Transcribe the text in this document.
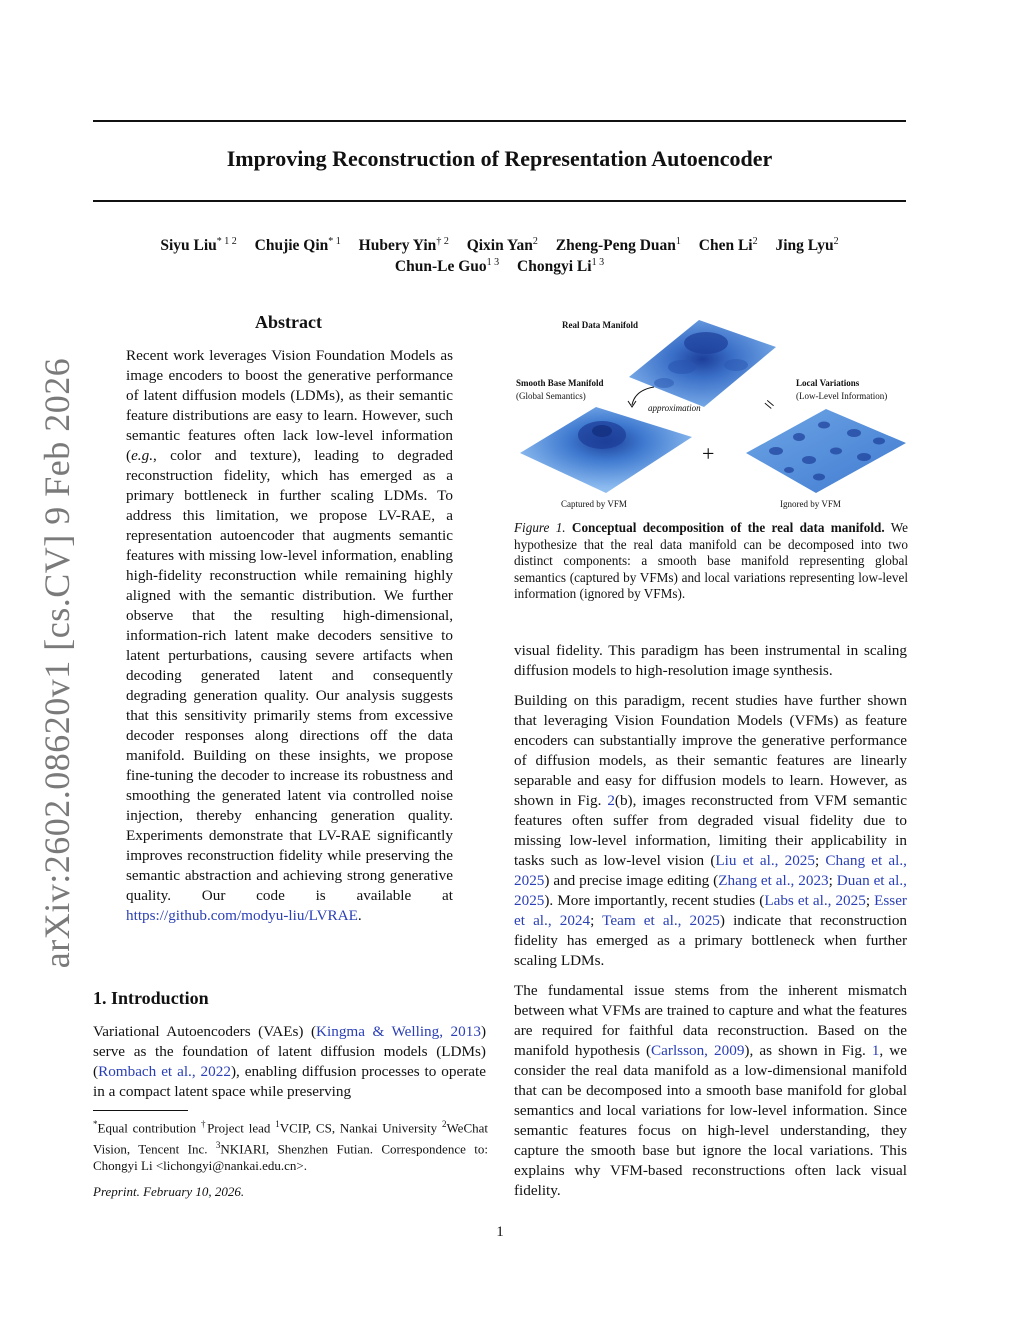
arXiv:2602.08620v1 [cs.CV] 9 Feb 2026
Improving Reconstruction of Representation Autoencoder
Siyu Liu$^{* 1 2}$ Chujie Qin$^{* 1}$ Hubery Yin$^{\dagger 2}$ Qixin Yan$^2$ Zheng-Peng Duan$^1$ Chen Li$^2$ Jing Lyu$^2$
Chun-Le Guo$^{1 3}$ Chongyi $Li^{1 3}$
Abstract

Recent work leverages Vision Foundation Models as image encoders to boost the generative performance of latent diffusion models (LDMs), as their semantic feature distributions are easy to learn. However, such semantic features often lack low-level information (e.g., color and texture), leading to degraded reconstruction fidelity, which has emerged as a primary bottleneck in further scaling LDMs. To address this limitation, we propose LV-RAE, a representation autoencoder that augments semantic features with missing low-level information, enabling high-fidelity reconstruction while remaining highly aligned with the semantic distribution. We further observe that the resulting high-dimensional, information-rich latent make decoders sensitive to latent perturbations, causing severe artifacts when decoding generated latent and consequently degrading generation quality. Our analysis suggests that this sensitivity primarily stems from excessive decoder responses along directions off the data manifold. Building on these insights, we propose fine-tuning the decoder to increase its robustness and smoothing the generated latent via controlled noise injection, thereby enhancing generation quality. Experiments demonstrate that LV-RAE significantly improves reconstruction fidelity while preserving the semantic abstraction and achieving strong generative quality. Our code is available at https://github.com/modyu-liu/LVRAE.

1. Introduction

Variational Autoencoders (VAEs) (Kingma & Welling, 2013) serve as the foundation of latent diffusion models (LDMs) (Rombach et al., 2022), enabling diffusion processes to operate in a compact latent space while preserving

*Equal contribution †Project lead $^1$VCIP, CS, Nankai University $^2$WeChat Vision, Tencent Inc. $^3$NKIARI, Shenzhen Futian. Correspondence to: Chongyi Li <lichongyi@nankai.edu.cn>.
Preprint. February 10, 2026.
Real Data Manifold
Smooth Base Manifold
(Global Semantics)
Local Variations
(Low-Level Information)
approximation	=
+
Captured by VFM	Ignored by VFM
Figure 1. Conceptual decomposition of the real data manifold. We hypothesize that the real data manifold can be decomposed into two distinct components: a smooth base manifold representing global semantics (captured by VFMs) and local variations representing low-level information (ignored by VFMs).

visual fidelity. This paradigm has been instrumental in scaling diffusion models to high-resolution image synthesis.

Building on this paradigm, recent studies have further shown that leveraging Vision Foundation Models (VFMs) as feature encoders can substantially improve the generative performance of diffusion models, as their semantic features are linearly separable and easy for diffusion models to learn. However, as shown in Fig. 2(b), images reconstructed from VFM semantic features often suffer from degraded visual fidelity due to missing low-level information, limiting their applicability in tasks such as low-level vision (Liu et al., 2025; Chang et al., 2025) and precise image editing (Zhang et al., 2023; Duan et al., 2025). More importantly, recent studies (Labs et al., 2025; Esser et al., 2024; Team et al., 2025) indicate that reconstruction fidelity has emerged as a primary bottleneck when further scaling LDMs.

The fundamental issue stems from the inherent mismatch between what VFMs are trained to capture and what the features are required for faithful data reconstruction. Based on the manifold hypothesis (Carlsson, 2009), as shown in Fig. 1, we consider the real data manifold as a low-dimensional manifold that can be decomposed into a smooth base manifold for global semantics and local variations for low-level information. Since semantic features focus on high-level understanding, they capture the smooth base but ignore the local variations. This explains why VFM-based reconstructions often lack visual fidelity.

1
